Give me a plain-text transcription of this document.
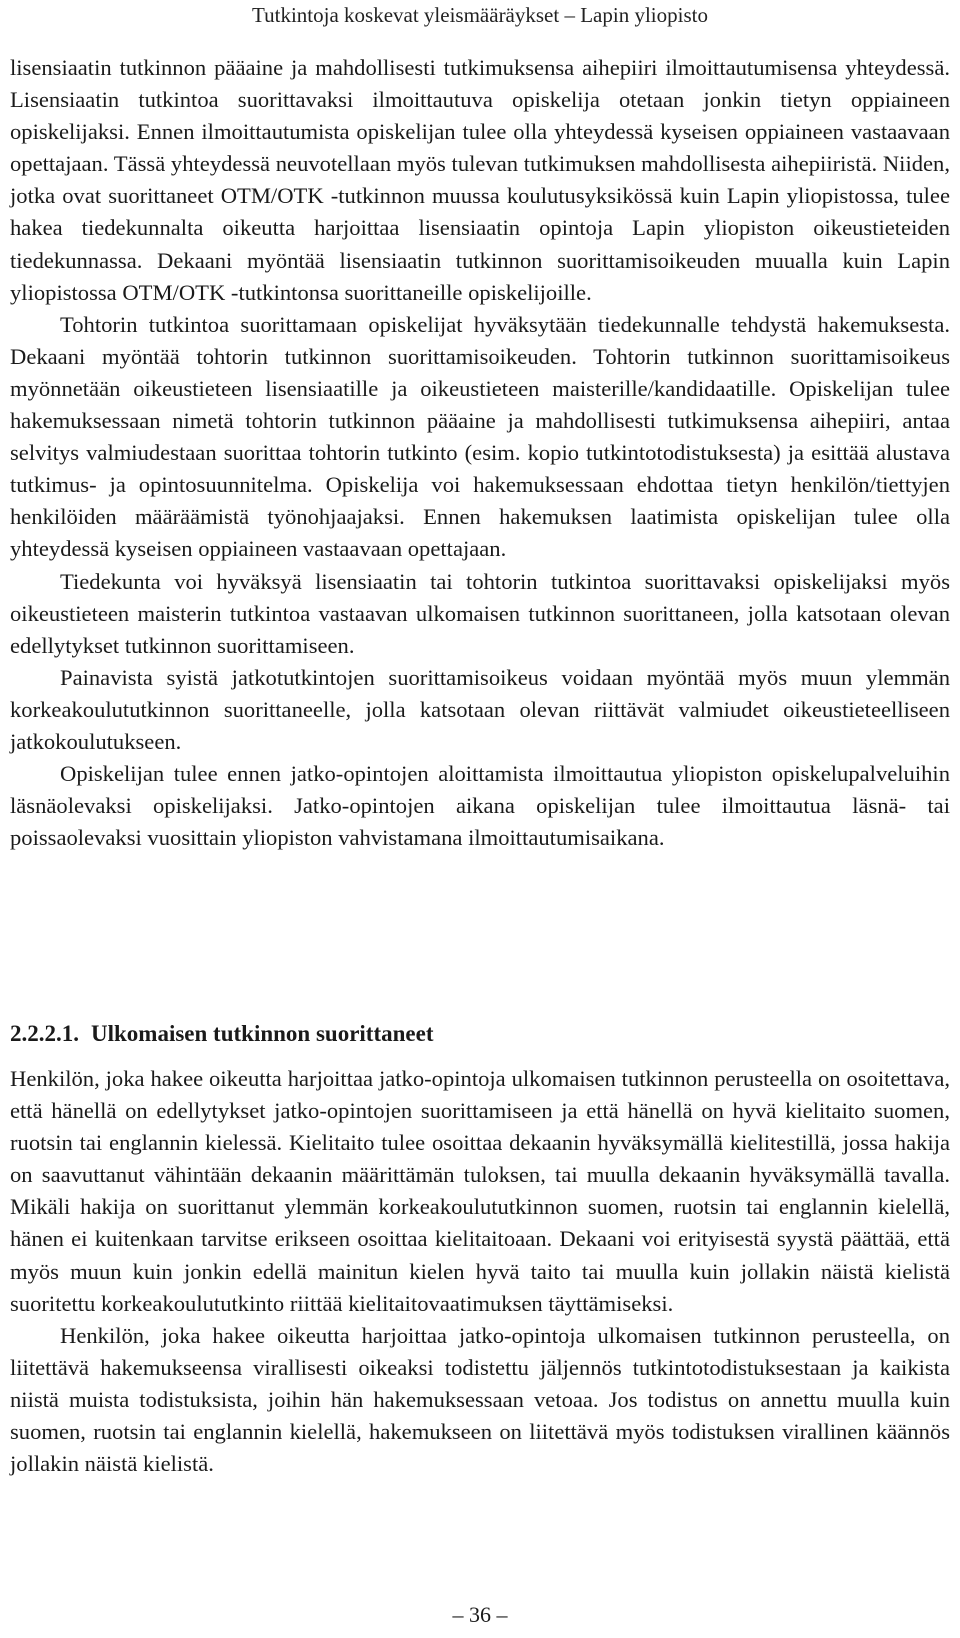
Tutkintoja koskevat yleismääräykset – Lapin yliopisto

lisensiaatin tutkinnon pääaine ja mahdollisesti tutkimuksensa aihepiiri ilmoittautumisensa yhteydessä. Lisensiaatin tutkintoa suorittavaksi ilmoittautuva opiskelija otetaan jonkin tietyn oppiaineen opiskelijaksi. Ennen ilmoittautumista opiskelijan tulee olla yhteydessä kyseisen oppiaineen vastaavaan opettajaan. Tässä yhteydessä neuvotellaan myös tulevan tutkimuksen mahdollisesta aihepiiristä. Niiden, jotka ovat suorittaneet OTM/OTK -tutkinnon muussa koulutusyksikössä kuin Lapin yliopistossa, tulee hakea tiedekunnalta oikeutta harjoittaa lisensiaatin opintoja Lapin yliopiston oikeustieteiden tiedekunnassa. Dekaani myöntää lisensiaatin tutkinnon suorittamisoikeuden muualla kuin Lapin yliopistossa OTM/OTK -tutkintonsa suorittaneille opiskelijoille.

Tohtorin tutkintoa suorittamaan opiskelijat hyväksytään tiedekunnalle tehdystä hakemuksesta. Dekaani myöntää tohtorin tutkinnon suorittamisoikeuden. Tohtorin tutkinnon suorittamisoikeus myönnetään oikeustieteen lisensiaatille ja oikeustieteen maisterille/kandidaatille. Opiskelijan tulee hakemuksessaan nimetä tohtorin tutkinnon pääaine ja mahdollisesti tutkimuksensa aihepiiri, antaa selvitys valmiudestaan suorittaa tohtorin tutkinto (esim. kopio tutkintotodistuksesta) ja esittää alustava tutkimus- ja opintosuunnitelma. Opiskelija voi hakemuksessaan ehdottaa tietyn henkilön/tiettyjen henkilöiden määräämistä työnohjaajaksi. Ennen hakemuksen laatimista opiskelijan tulee olla yhteydessä kyseisen oppiaineen vastaavaan opettajaan.

Tiedekunta voi hyväksyä lisensiaatin tai tohtorin tutkintoa suorittavaksi opiskelijaksi myös oikeustieteen maisterin tutkintoa vastaavan ulkomaisen tutkinnon suorittaneen, jolla katsotaan olevan edellytykset tutkinnon suorittamiseen.

Painavista syistä jatkotutkintojen suorittamisoikeus voidaan myöntää myös muun ylemmän korkeakoulututkinnon suorittaneelle, jolla katsotaan olevan riittävät valmiudet oikeustieteelliseen jatkokoulutukseen.

Opiskelijan tulee ennen jatko-opintojen aloittamista ilmoittautua yliopiston opiskelupalveluihin läsnäolevaksi opiskelijaksi. Jatko-opintojen aikana opiskelijan tulee ilmoittautua läsnä- tai poissaolevaksi vuosittain yliopiston vahvistamana ilmoittautumisaikana.

2.2.2.1. Ulkomaisen tutkinnon suorittaneet

Henkilön, joka hakee oikeutta harjoittaa jatko-opintoja ulkomaisen tutkinnon perusteella on osoitettava, että hänellä on edellytykset jatko-opintojen suorittamiseen ja että hänellä on hyvä kielitaito suomen, ruotsin tai englannin kielessä. Kielitaito tulee osoittaa dekaanin hyväksymällä kielitestillä, jossa hakija on saavuttanut vähintään dekaanin määrittämän tuloksen, tai muulla dekaanin hyväksymällä tavalla. Mikäli hakija on suorittanut ylemmän korkeakoulututkinnon suomen, ruotsin tai englannin kielellä, hänen ei kuitenkaan tarvitse erikseen osoittaa kielitaitoaan. Dekaani voi erityisestä syystä päättää, että myös muun kuin jonkin edellä mainitun kielen hyvä taito tai muulla kuin jollakin näistä kielistä suoritettu korkeakoulututkinto riittää kielitaitovaatimuksen täyttämiseksi.

Henkilön, joka hakee oikeutta harjoittaa jatko-opintoja ulkomaisen tutkinnon perusteella, on liitettävä hakemukseensa virallisesti oikeaksi todistettu jäljennös tutkintotodistuksestaan ja kaikista niistä muista todistuksista, joihin hän hakemuksessaan vetoaa. Jos todistus on annettu muulla kuin suomen, ruotsin tai englannin kielellä, hakemukseen on liitettävä myös todistuksen virallinen käännös jollakin näistä kielistä.

– 36 –
